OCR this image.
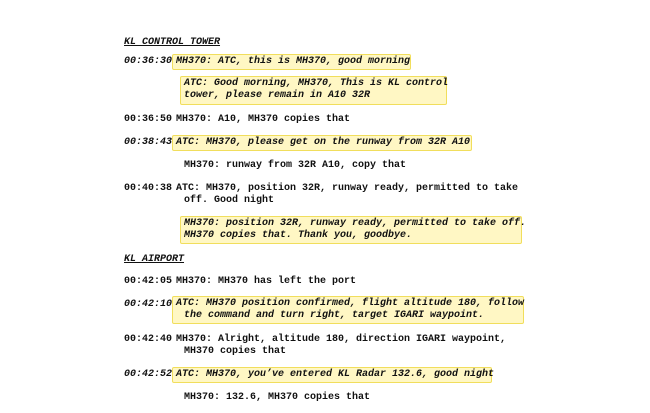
KL CONTROL TOWER
00:36:30 MH370: ATC, this is MH370, good morning
ATC: Good morning, MH370, This is KL control
tower, please remain in A10 32R
00:36:50 MH370: A10, MH370 copies that
00:38:43 ATC: MH370, please get on the runway from 32R A10
MH370: runway from 32R A10, copy that
00:40:38 ATC: MH370, position 32R, runway ready, permitted to take
off. Good night
MH370: position 32R, runway ready, permitted to take off.
MH370 copies that. Thank you, goodbye.
KL AIRPORT
00:42:05 MH370: MH370 has left the port
00:42:10 ATC: MH370 position confirmed, flight altitude 180, follow
the command and turn right, target IGARI waypoint.
00:42:40 MH370: Alright, altitude 180, direction IGARI waypoint,
MH370 copies that
00:42:52 ATC: MH370, you’ve entered KL Radar 132.6, good night
MH370: 132.6, MH370 copies that
